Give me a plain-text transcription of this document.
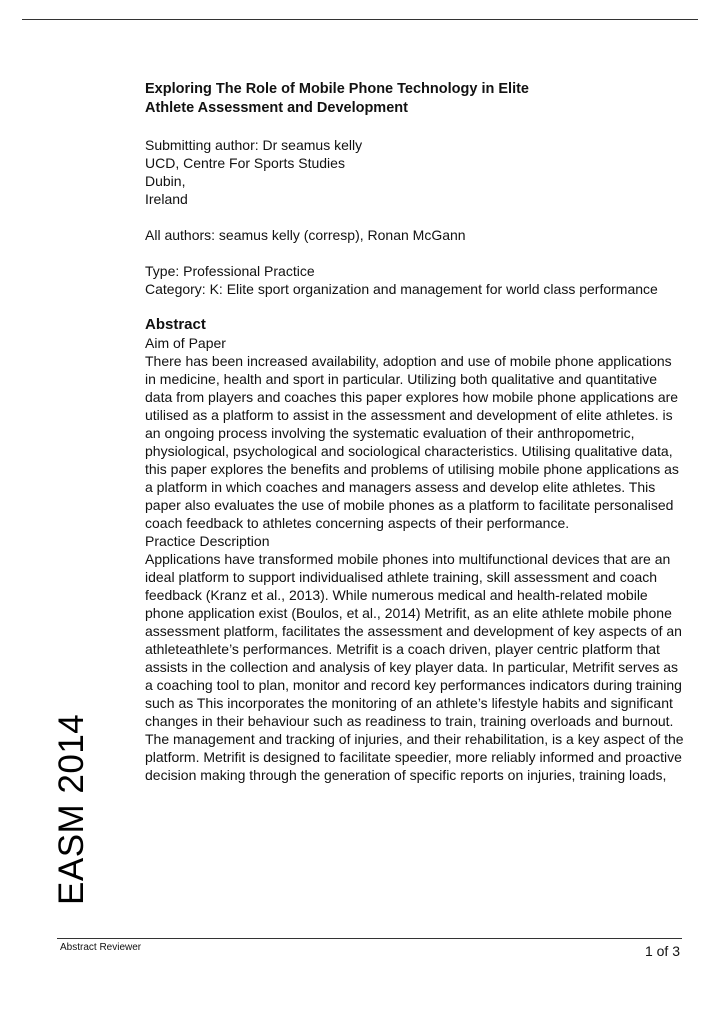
EASM 2014

Exploring The Role of Mobile Phone Technology in Elite

Athlete Assessment and Development

Submitting author: Dr seamus kelly

UCD, Centre For Sports Studies

Dubin,

Ireland

All authors: seamus kelly (corresp), Ronan McGann

Type: Professional Practice

Category: K: Elite sport organization and management for world class performance

Abstract

Aim of Paper

There has been increased availability, adoption and use of mobile phone applications in medicine, health and sport in particular. Utilizing both qualitative and quantitative data from players and coaches this paper explores how mobile phone applications are utilised as a platform to assist in the assessment and development of elite athletes. is an ongoing process involving the systematic evaluation of their anthropometric, physiological, psychological and sociological characteristics. Utilising qualitative data, this paper explores the benefits and problems of utilising mobile phone applications as a platform in which coaches and managers assess and develop elite athletes. This paper also evaluates the use of mobile phones as a platform to facilitate personalised coach feedback to athletes concerning aspects of their performance.

Practice Description

Applications have transformed mobile phones into multifunctional devices that are an ideal platform to support individualised athlete training, skill assessment and coach feedback (Kranz et al., 2013). While numerous medical and health-related mobile phone application exist (Boulos, et al., 2014) Metrifit, as an elite athlete mobile phone assessment platform, facilitates the assessment and development of key aspects of an athleteathlete’s performances. Metrifit is a coach driven, player centric platform that assists in the collection and analysis of key player data. In particular, Metrifit serves as a coaching tool to plan, monitor and record key performances indicators during training such as This incorporates the monitoring of an athlete’s lifestyle habits and significant changes in their behaviour such as readiness to train, training overloads and burnout. The management and tracking of injuries, and their rehabilitation, is a key aspect of the platform. Metrifit is designed to facilitate speedier, more reliably informed and proactive decision making through the generation of specific reports on injuries, training loads,

Abstract Reviewer	1 of 3
